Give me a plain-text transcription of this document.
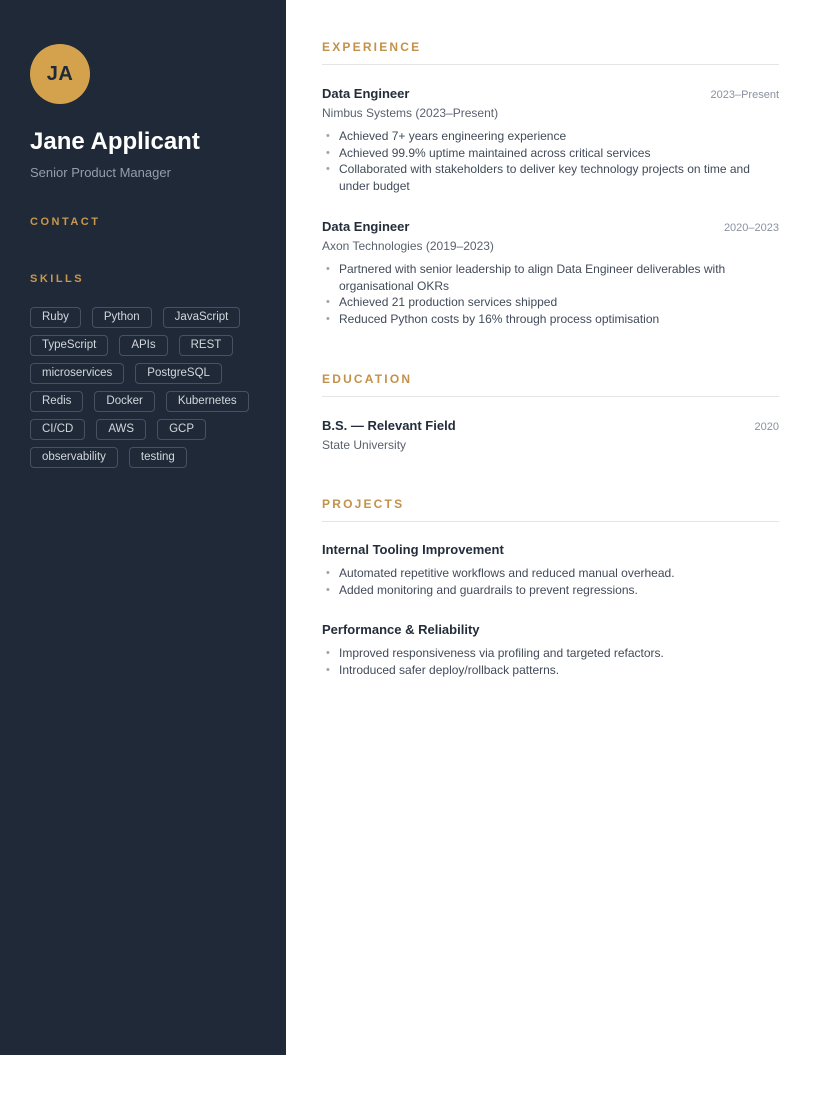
JA
Jane Applicant
Senior Product Manager
CONTACT
SKILLS
Ruby	Python	JavaScript
TypeScript	APIs	REST
microservices	PostgreSQL
Redis	Docker	Kubernetes
CI/CD	AWS	GCP
observability	testing
EXPERIENCE
Data Engineer	2023–Present
Nimbus Systems (2023–Present)
• Achieved 7+ years engineering experience
• Achieved 99.9% uptime maintained across critical services
• Collaborated with stakeholders to deliver key technology projects on time and under budget
Data Engineer	2020–2023
Axon Technologies (2019–2023)
• Partnered with senior leadership to align Data Engineer deliverables with organisational OKRs
• Achieved 21 production services shipped
• Reduced Python costs by 16% through process optimisation
EDUCATION
B.S. — Relevant Field	2020
State University
PROJECTS
Internal Tooling Improvement
• Automated repetitive workflows and reduced manual overhead.
• Added monitoring and guardrails to prevent regressions.
Performance & Reliability
• Improved responsiveness via profiling and targeted refactors.
• Introduced safer deploy/rollback patterns.
